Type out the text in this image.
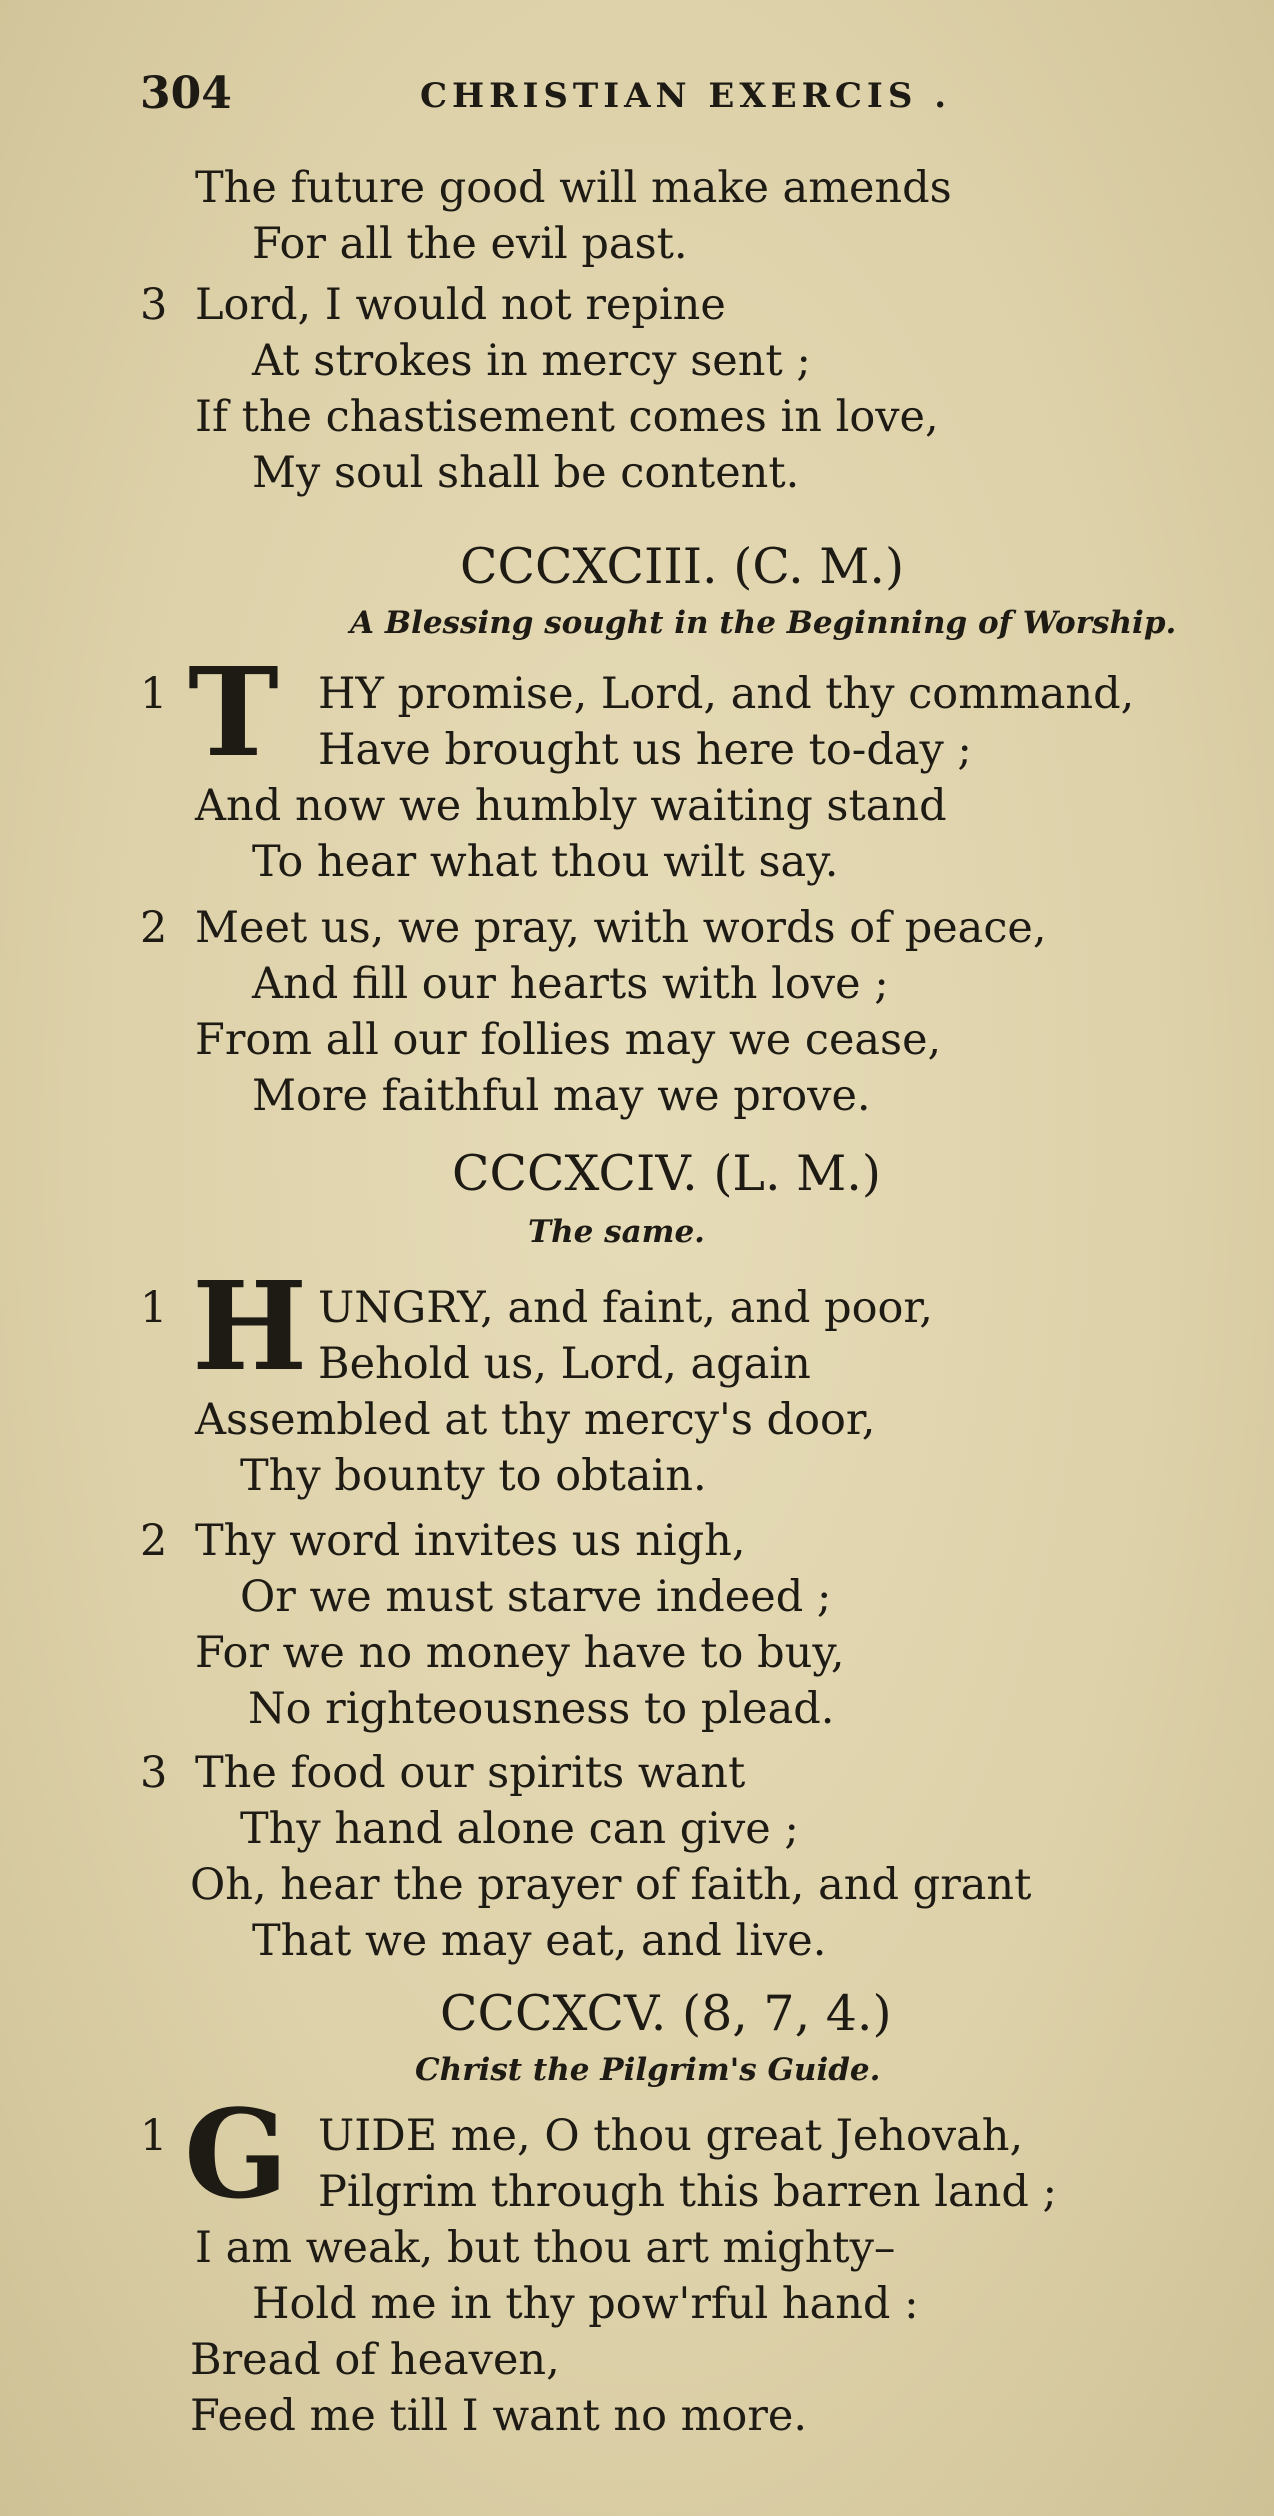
304	CHRISTIAN EXERCIS .
The future good will make amends
For all the evil past.
3 Lord, I would not repine
At strokes in mercy sent ;
If the chastisement comes in love,
My soul shall be content.
CCCXCIII. (C. M.)
A Blessing sought in the Beginning of Worship.
1 T HY promise, Lord, and thy command,
Have brought us here to-day ;
And now we humbly waiting stand
To hear what thou wilt say.
2 Meet us, we pray, with words of peace,
And fill our hearts with love ;
From all our follies may we cease,
More faithful may we prove.
CCCXCIV. (L. M.)
The same.
1 H UNGRY, and faint, and poor,
Behold us, Lord, again
Assembled at thy mercy's door,
Thy bounty to obtain.
2 Thy word invites us nigh,
Or we must starve indeed ;
For we no money have to buy,
No righteousness to plead.
3 The food our spirits want
Thy hand alone can give ;
Oh, hear the prayer of faith, and grant
That we may eat, and live.
CCCXCV. (8, 7, 4.)
Christ the Pilgrim's Guide.
1 G UIDE me, O thou great Jehovah,
Pilgrim through this barren land ;
I am weak, but thou art mighty–
Hold me in thy pow'rful hand :
Bread of heaven,
Feed me till I want no more.
